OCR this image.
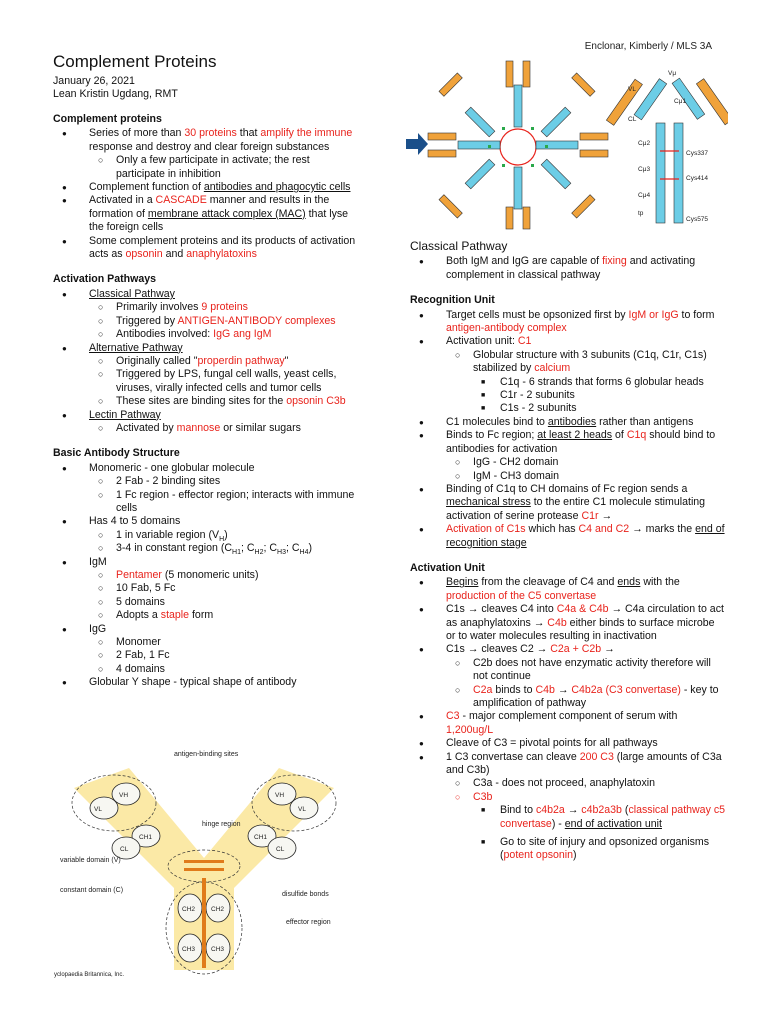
Enclonar, Kimberly / MLS 3A
Complement Proteins
January 26, 2021
Lean Kristin Ugdang, RMT
Complement proteins
● Series of more than 30 proteins that amplify the immune response and destroy and clear foreign substances
○ Only a few participate in activate; the rest participate in inhibition
● Complement function of antibodies and phagocytic cells
● Activated in a CASCADE manner and results in the formation of membrane attack complex (MAC) that lyse the foreign cells
● Some complement proteins and its products of activation acts as opsonin and anaphylatoxins
Activation Pathways
● Classical Pathway
○ Primarily involves 9 proteins
○ Triggered by ANTIGEN-ANTIBODY complexes
○ Antibodies involved: IgG ang IgM
● Alternative Pathway
○ Originally called "properdin pathway"
○ Triggered by LPS, fungal cell walls, yeast cells, viruses, virally infected cells and tumor cells
○ These sites are binding sites for the opsonin C3b
● Lectin Pathway
○ Activated by mannose or similar sugars
Basic Antibody Structure
● Monomeric - one globular molecule
○ 2 Fab - 2 binding sites
○ 1 Fc region - effector region; interacts with immune cells
● Has 4 to 5 domains
○ 1 in variable region $(V_H)$
○ 3-4 in constant region ($C_{H1}$; $C_{H2}$; $C_{H3}$; $C_{H4}$)
● IgM
○ Pentamer (5 monomeric units)
○ 10 Fab, 5 Fc
○ 5 domains
○ Adopts a staple form
● IgG
○ Monomer
○ 2 Fab, 1 Fc
○ 4 domains
● Globular Y shape - typical shape of antibody
Vμ
VL
Cμ1
CL
Cμ2
Cys337
Cμ3
Cys414
Cμ4
tp
Cys575
Classical Pathway
● Both IgM and IgG are capable of fixing and activating complement in classical pathway
Recognition Unit
● Target cells must be opsonized first by IgM or IgG to form antigen-antibody complex
● Activation unit: C1
○ Globular structure with 3 subunits (C1q, C1r, C1s) stabilized by calcium
■ C1q - 6 strands that forms 6 globular heads
■ C1r - 2 subunits
■ C1s - 2 subunits
● C1 molecules bind to antibodies rather than antigens
● Binds to Fc region; at least 2 heads of C1q should bind to antibodies for activation
○ IgG - CH2 domain
○ IgM - CH3 domain
● Binding of C1q to CH domains of Fc region sends a mechanical stress to the entire C1 molecule stimulating activation of serine protease C1r →
● Activation of C1s which has C4 and C2 → marks the end of recognition stage
Activation Unit
● Begins from the cleavage of C4 and ends with the production of the C5 convertase
● C1s → cleaves C4 into C4a & C4b → C4a circulation to act as anaphylatoxins → C4b either binds to surface microbe or to water molecules resulting in inactivation
● C1s → cleaves C2 → C2a + C2b →
○ C2b does not have enzymatic activity therefore will not continue
○ C2a binds to C4b → C4b2a (C3 convertase) - key to amplification of pathway
● C3 - major complement component of serum with 1,200ug/L
● Cleave of C3 = pivotal points for all pathways
● 1 C3 convertase can cleave 200 C3 (large amounts of C3a and C3b)
○ C3a - does not proceed, anaphylatoxin
○ C3b
■ Bind to c4b2a → c4b2a3b (classical pathway c5 convertase) - end of activation unit
■ Go to site of injury and opsonized organisms (potent opsonin)
VL
VH
CH1
CL
VL
VH
CH1
CL
CH2 CH2
CH3 CH3
antigen-binding sites
hinge region
variable domain (V)
constant domain (C)
disulfide bonds
effector region
yclopaedia Britannica, Inc.
